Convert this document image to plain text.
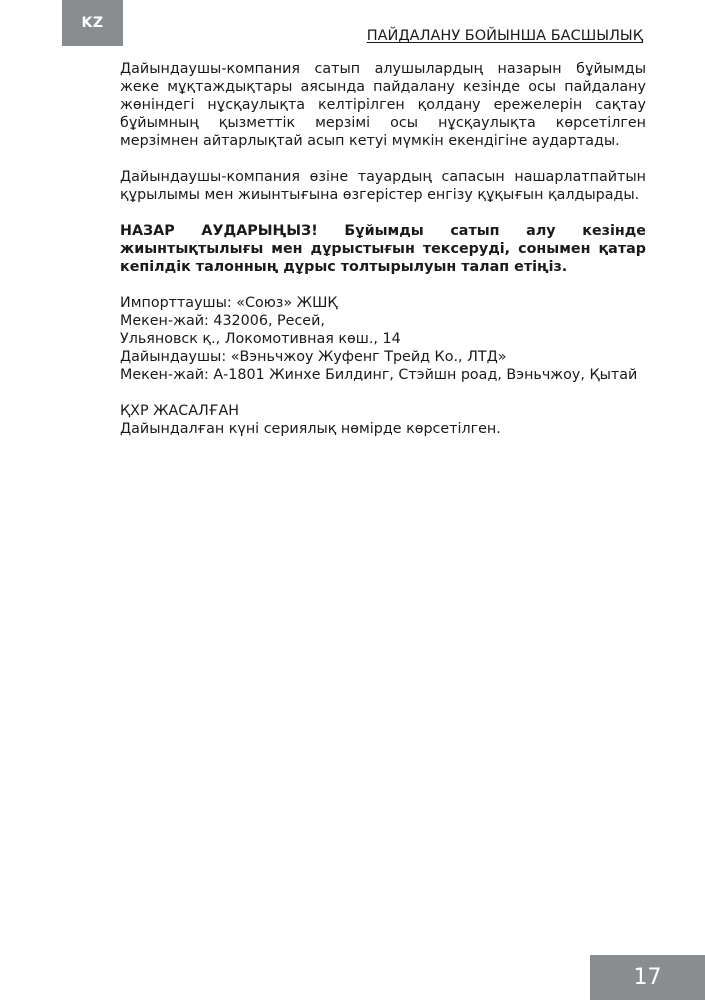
KZ
ПАЙДАЛАНУ БОЙЫНША БАСШЫЛЫҚ

Дайындаушы-компания сатып алушылардың назарын бұйымды жеке мұқтаждықтары аясында пайдалану кезінде осы пайдалану жөніндегі нұсқаулықта келтірілген қолдану ережелерін сақтау бұйымның қызметтік мерзімі осы нұсқаулықта көрсетілген мерзімнен айтарлықтай асып кетуі мүмкін екендігіне аудартады.

Дайындаушы-компания өзіне тауардың сапасын нашарлатпайтын құрылымы мен жиынтығына өзгерістер енгізу құқығын қалдырады.

НАЗАР АУДАРЫҢЫЗ! Бұйымды сатып алу кезінде жиынтықтылығы мен дұрыстығын тексеруді, сонымен қатар кепілдік талонның дұрыс толтырылуын талап етіңіз.

Импорттаушы: «Союз» ЖШҚ
Мекен-жай: 432006, Ресей,
Ульяновск қ., Локомотивная көш., 14
Дайындаушы: «Вэньчжоу Жуфенг Трейд Ко., ЛТД»
Мекен-жай: А-1801 Жинхе Билдинг, Стэйшн роад, Вэньчжоу, Қытай
ҚХР ЖАСАЛҒАН
Дайындалған күні сериялық нөмірде көрсетілген.
17
